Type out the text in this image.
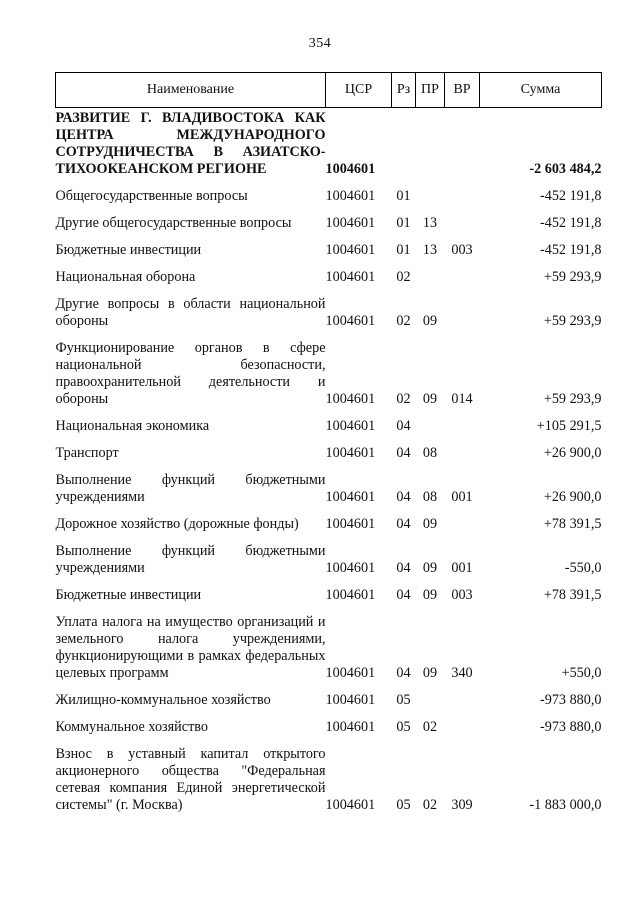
354
Наименование	ЦСР	Рз	ПР	ВР	Сумма
РАЗВИТИЕ Г. ВЛАДИВОСТОКА КАК ЦЕНТРА МЕЖДУНАРОДНОГО СОТРУДНИЧЕСТВА В АЗИАТСКО-ТИХООКЕАНСКОМ РЕГИОНЕ	1004601				-2 603 484,2
Общегосударственные вопросы	1004601	01			-452 191,8
Другие общегосударственные вопросы	1004601	01	13		-452 191,8
Бюджетные инвестиции	1004601	01	13	003	-452 191,8
Национальная оборона	1004601	02			+59 293,9
Другие вопросы в области национальной обороны	1004601	02	09		+59 293,9
Функционирование органов в сфере национальной безопасности, правоохранительной деятельности и обороны	1004601	02	09	014	+59 293,9
Национальная экономика	1004601	04			+105 291,5
Транспорт	1004601	04	08		+26 900,0
Выполнение функций бюджетными учреждениями	1004601	04	08	001	+26 900,0
Дорожное хозяйство (дорожные фонды)	1004601	04	09		+78 391,5
Выполнение функций бюджетными учреждениями	1004601	04	09	001	-550,0
Бюджетные инвестиции	1004601	04	09	003	+78 391,5
Уплата налога на имущество организаций и земельного налога учреждениями, функционирующими в рамках федеральных целевых программ	1004601	04	09	340	+550,0
Жилищно-коммунальное хозяйство	1004601	05			-973 880,0
Коммунальное хозяйство	1004601	05	02		-973 880,0
Взнос в уставный капитал открытого акционерного общества "Федеральная сетевая компания Единой энергетической системы" (г. Москва)	1004601	05	02	309	-1 883 000,0
